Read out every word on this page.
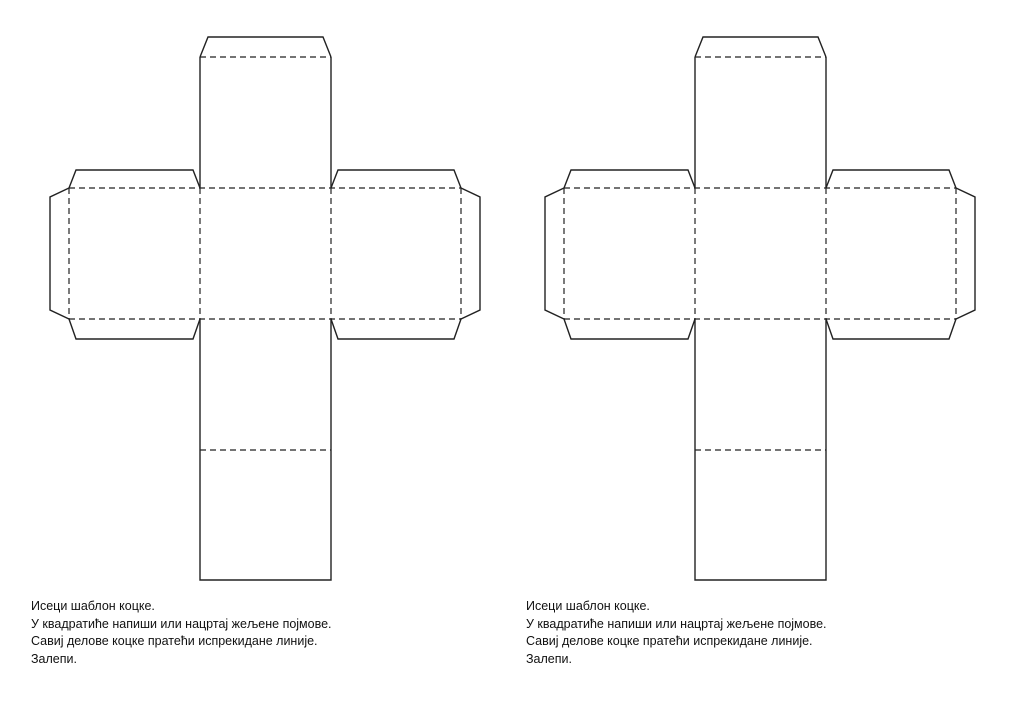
Исеци шаблон коцке.
У квадратиће напиши или нацртај жељене појмове.
Савиј делове коцке пратећи испрекидане линије.
Залепи.
Исеци шаблон коцке.
У квадратиће напиши или нацртај жељене појмове.
Савиј делове коцке пратећи испрекидане линије.
Залепи.
